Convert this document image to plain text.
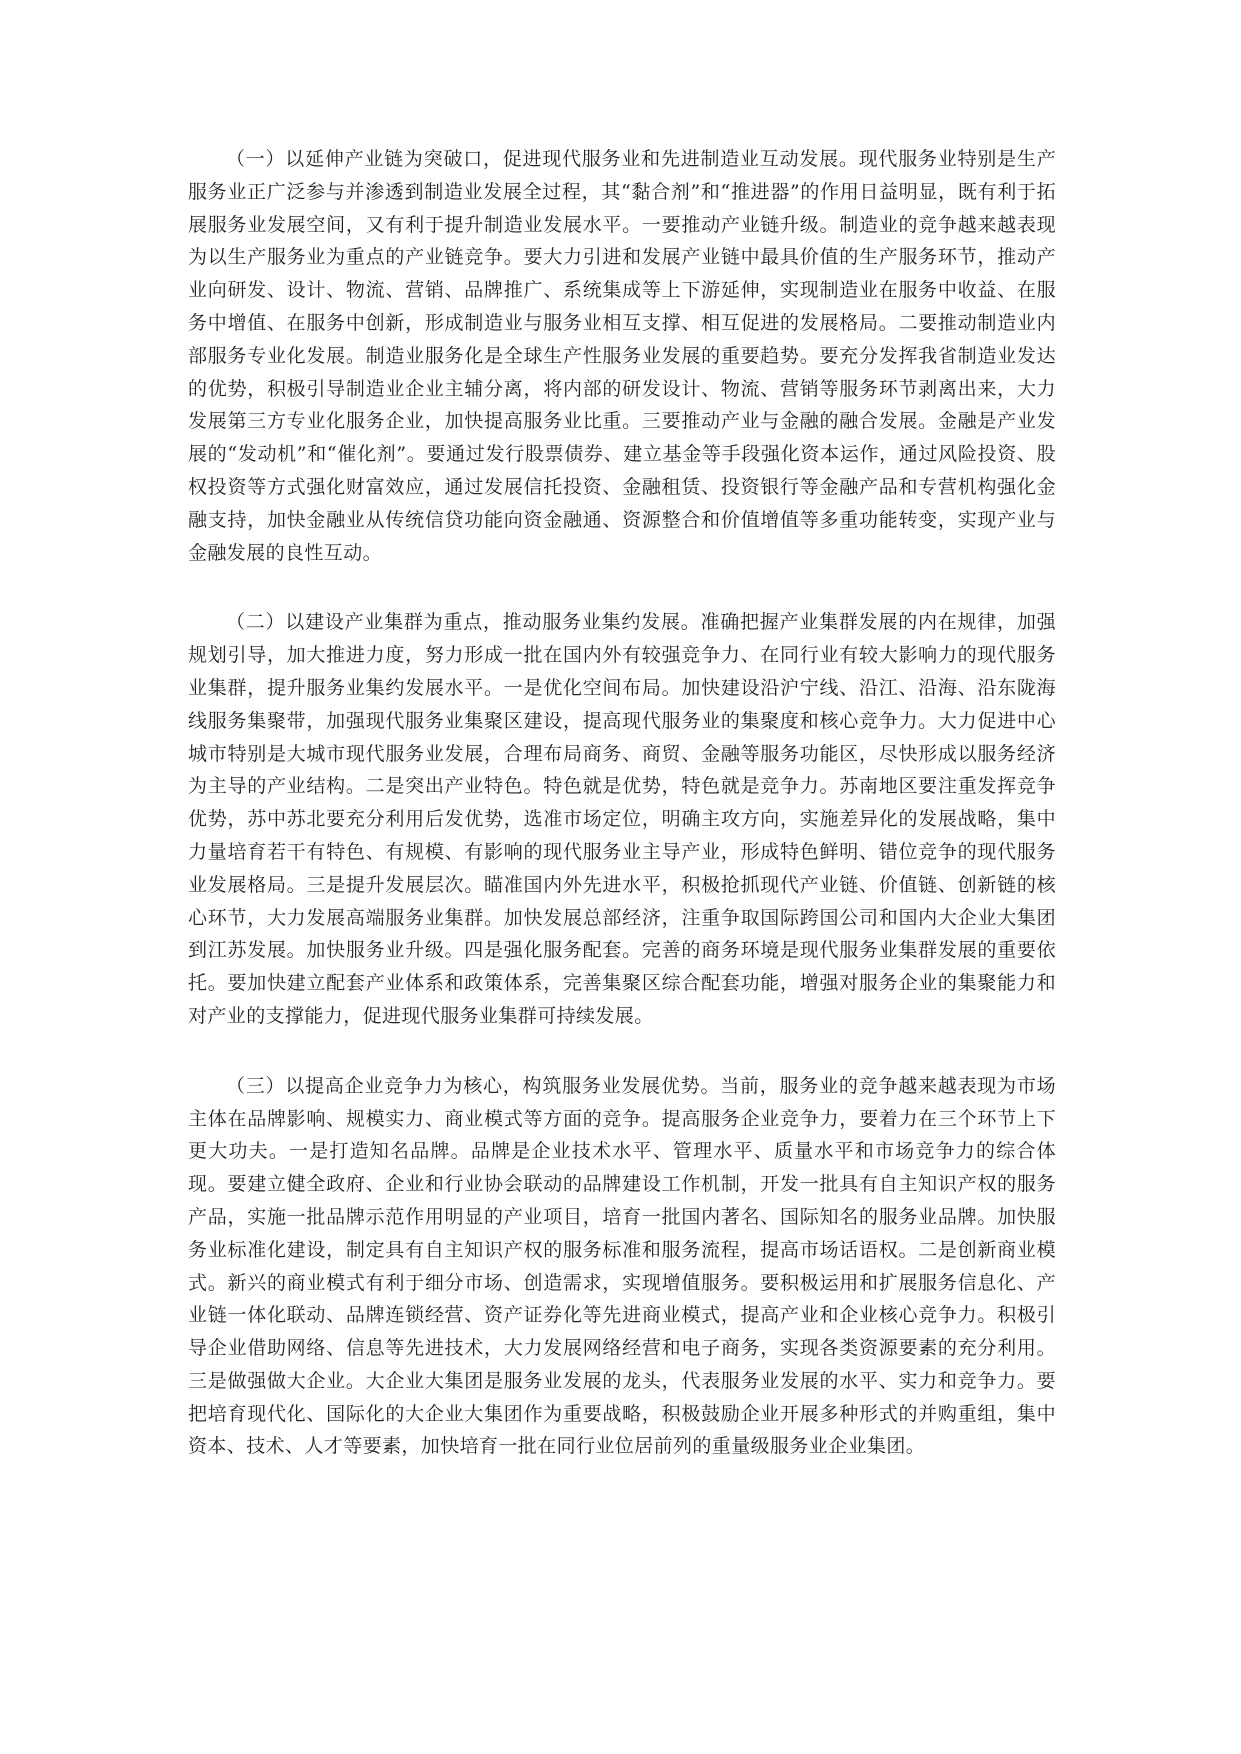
（一）以延伸产业链为突破口，促进现代服务业和先进制造业互动发展。现代服务业特别是生产服务业正广泛参与并渗透到制造业发展全过程，其“黏合剂”和“推进器”的作用日益明显，既有利于拓展服务业发展空间，又有利于提升制造业发展水平。一要推动产业链升级。制造业的竞争越来越表现为以生产服务业为重点的产业链竞争。要大力引进和发展产业链中最具价值的生产服务环节，推动产业向研发、设计、物流、营销、品牌推广、系统集成等上下游延伸，实现制造业在服务中收益、在服务中增值、在服务中创新，形成制造业与服务业相互支撑、相互促进的发展格局。二要推动制造业内部服务专业化发展。制造业服务化是全球生产性服务业发展的重要趋势。要充分发挥我省制造业发达的优势，积极引导制造业企业主辅分离，将内部的研发设计、物流、营销等服务环节剥离出来，大力发展第三方专业化服务企业，加快提高服务业比重。三要推动产业与金融的融合发展。金融是产业发展的“发动机”和“催化剂”。要通过发行股票债券、建立基金等手段强化资本运作，通过风险投资、股权投资等方式强化财富效应，通过发展信托投资、金融租赁、投资银行等金融产品和专营机构强化金融支持，加快金融业从传统信贷功能向资金融通、资源整合和价值增值等多重功能转变，实现产业与金融发展的良性互动。

（二）以建设产业集群为重点，推动服务业集约发展。准确把握产业集群发展的内在规律，加强规划引导，加大推进力度，努力形成一批在国内外有较强竞争力、在同行业有较大影响力的现代服务业集群，提升服务业集约发展水平。一是优化空间布局。加快建设沿沪宁线、沿江、沿海、沿东陇海线服务集聚带，加强现代服务业集聚区建设，提高现代服务业的集聚度和核心竞争力。大力促进中心城市特别是大城市现代服务业发展，合理布局商务、商贸、金融等服务功能区，尽快形成以服务经济为主导的产业结构。二是突出产业特色。特色就是优势，特色就是竞争力。苏南地区要注重发挥竞争优势，苏中苏北要充分利用后发优势，选准市场定位，明确主攻方向，实施差异化的发展战略，集中力量培育若干有特色、有规模、有影响的现代服务业主导产业，形成特色鲜明、错位竞争的现代服务业发展格局。三是提升发展层次。瞄准国内外先进水平，积极抢抓现代产业链、价值链、创新链的核心环节，大力发展高端服务业集群。加快发展总部经济，注重争取国际跨国公司和国内大企业大集团到江苏发展。加快服务业升级。四是强化服务配套。完善的商务环境是现代服务业集群发展的重要依托。要加快建立配套产业体系和政策体系，完善集聚区综合配套功能，增强对服务企业的集聚能力和对产业的支撑能力，促进现代服务业集群可持续发展。

（三）以提高企业竞争力为核心，构筑服务业发展优势。当前，服务业的竞争越来越表现为市场主体在品牌影响、规模实力、商业模式等方面的竞争。提高服务企业竞争力，要着力在三个环节上下更大功夫。一是打造知名品牌。品牌是企业技术水平、管理水平、质量水平和市场竞争力的综合体现。要建立健全政府、企业和行业协会联动的品牌建设工作机制，开发一批具有自主知识产权的服务产品，实施一批品牌示范作用明显的产业项目，培育一批国内著名、国际知名的服务业品牌。加快服务业标准化建设，制定具有自主知识产权的服务标准和服务流程，提高市场话语权。二是创新商业模式。新兴的商业模式有利于细分市场、创造需求，实现增值服务。要积极运用和扩展服务信息化、产业链一体化联动、品牌连锁经营、资产证券化等先进商业模式，提高产业和企业核心竞争力。积极引导企业借助网络、信息等先进技术，大力发展网络经营和电子商务，实现各类资源要素的充分利用。三是做强做大企业。大企业大集团是服务业发展的龙头，代表服务业发展的水平、实力和竞争力。要把培育现代化、国际化的大企业大集团作为重要战略，积极鼓励企业开展多种形式的并购重组，集中资本、技术、人才等要素，加快培育一批在同行业位居前列的重量级服务业企业集团。
